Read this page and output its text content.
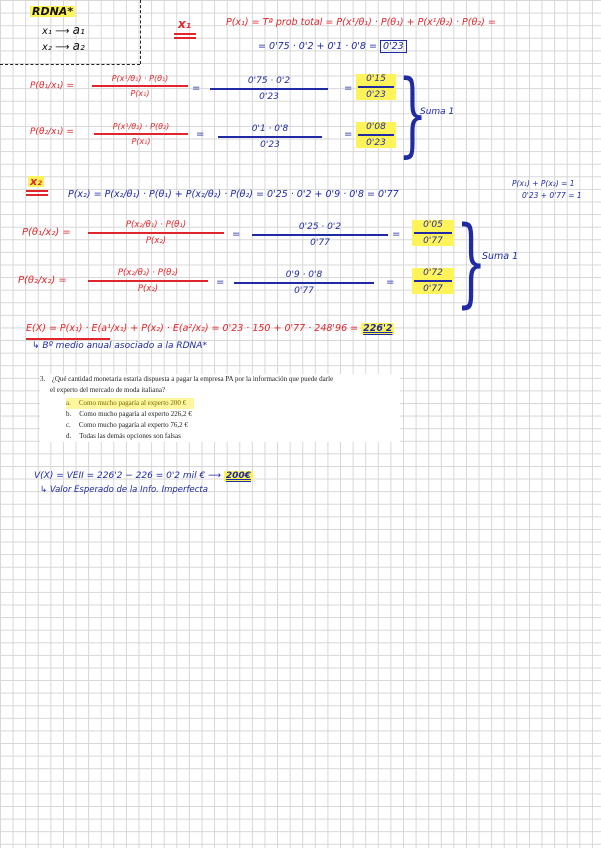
RDNA*
x₁ ⟶ a₁
x₂ ⟶ a₂
x₁	P(x₁) = Tª prob total = P(x¹/θ₁) · P(θ₁) + P(x¹/θ₂) · P(θ₂) =
= 0'75 · 0'2 + 0'1 · 0'8 = 0'23
P(θ₁/x₁) =
P(x¹/θ₁) · P(θ₁)
P(x₁)	=
0'75 · 0'2
0'23
=
0'15
0'23
P(θ₂/x₁) =
P(x¹/θ₂) · P(θ₂)
P(x₁)
=	0'1 · 0'8
0'23
=
0'08
0'23 }
Suma 1
x₂
P(x₂) = P(x₂/θ₁) · P(θ₁) + P(x₂/θ₂) · P(θ₂) = 0'25 · 0'2 + 0'9 · 0'8 = 0'77
P(x₁) + P(x₂) = 1
0'23 + 0'77 = 1
P(θ₁/x₂) =
P(x₂/θ₁) · P(θ₁)
P(x₂)
=
0'25 · 0'2
0'77
=
0'05
0'77
P(θ₂/x₂) =
P(x₂/θ₂) · P(θ₂)
P(x₂)
=
0'9 · 0'8
0'77
=
0'72
0'77 }
Suma 1
E(X) = P(x₁) · E(a¹/x₁) + P(x₂) · E(a²/x₂) = 0'23 · 150 + 0'77 · 248'96 = 226'2
↳ Bº medio anual asociado a la RDNA*
3. ¿Qué cantidad monetaria estaría dispuesta a pagar la empresa PA por la información que puede darle
el experto del mercado de moda italiana?
a. Como mucho pagaría al experto 200 €
b. Como mucho pagaría al experto 226,2 €
c. Como mucho pagaría al experto 76,2 €
d. Todas las demás opciones son falsas
V(X) = VEII = 226'2 − 226 = 0'2 mil € ⟶ 200€
↳ Valor Esperado de la Info. Imperfecta
